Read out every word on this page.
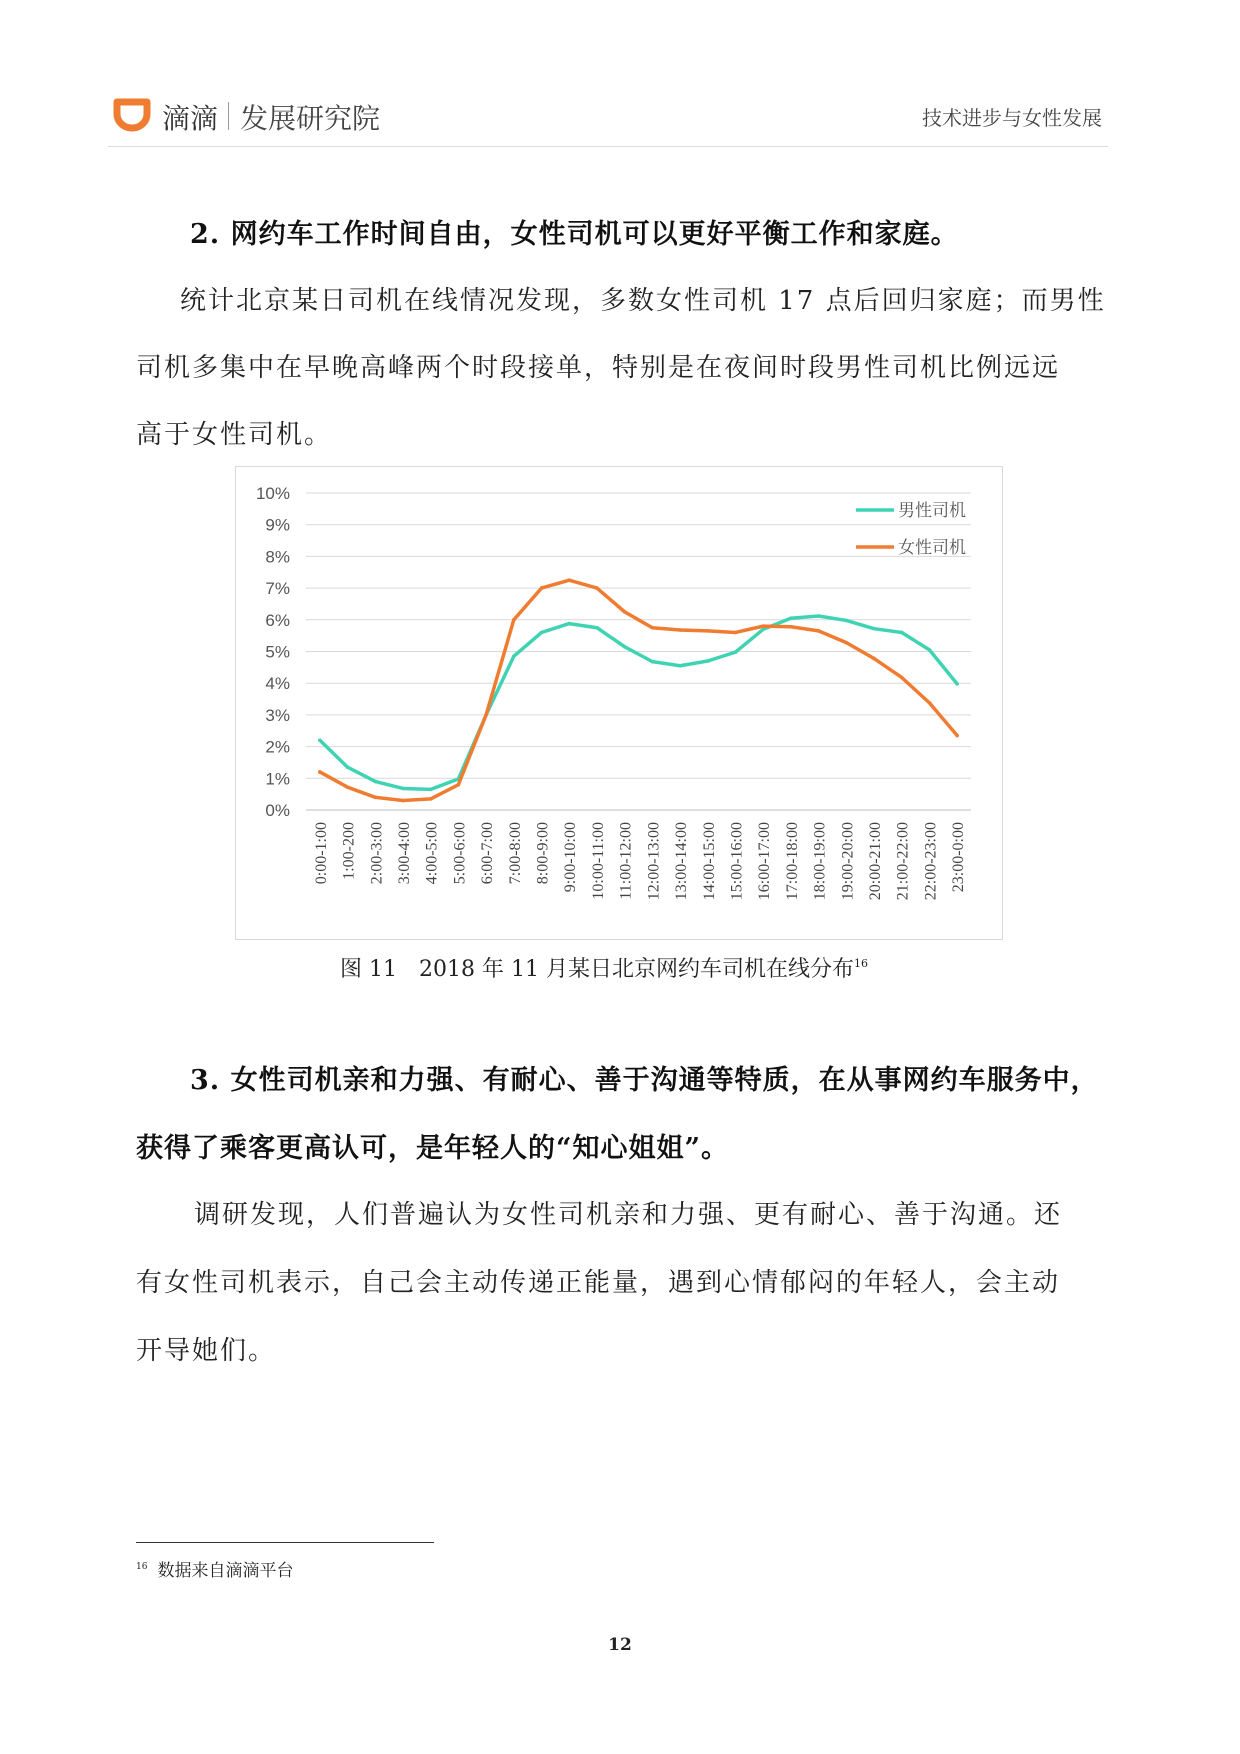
滴滴 发展研究院	技术进步与女性发展
2. 网约车工作时间自由，女性司机可以更好平衡工作和家庭。
统计北京某日司机在线情况发现，多数女性司机 17 点后回归家庭；而男性
司机多集中在早晚高峰两个时段接单，特别是在夜间时段男性司机比例远远
高于女性司机。
0%
1%
2%
3%
4%
5%
6%
7%
8%
9%
10%
0:00-1:00 1:00-200 2:00-3:00 3:00-4:00 4:00-5:00 5:00-6:00 6:00-7:00 7:00-8:00 8:00-9:00 9:00-10:00 10:00-11:00 11:00-12:00 12:00-13:00 13:00-14:00 14:00-15:00 15:00-16:00 16:00-17:00 17:00-18:00 18:00-19:00 19:00-20:00 20:00-21:00 21:00-22:00 22:00-23:00 23:00-0:00
男性司机
女性司机
图 11　2018 年 11 月某日北京网约车司机在线分布$^{16}$
3. 女性司机亲和力强、有耐心、善于沟通等特质，在从事网约车服务中，
获得了乘客更高认可，是年轻人的“知心姐姐”。
调研发现，人们普遍认为女性司机亲和力强、更有耐心、善于沟通。还
有女性司机表示，自己会主动传递正能量，遇到心情郁闷的年轻人，会主动
开导她们。
$^{16}$ 数据来自滴滴平台
12
